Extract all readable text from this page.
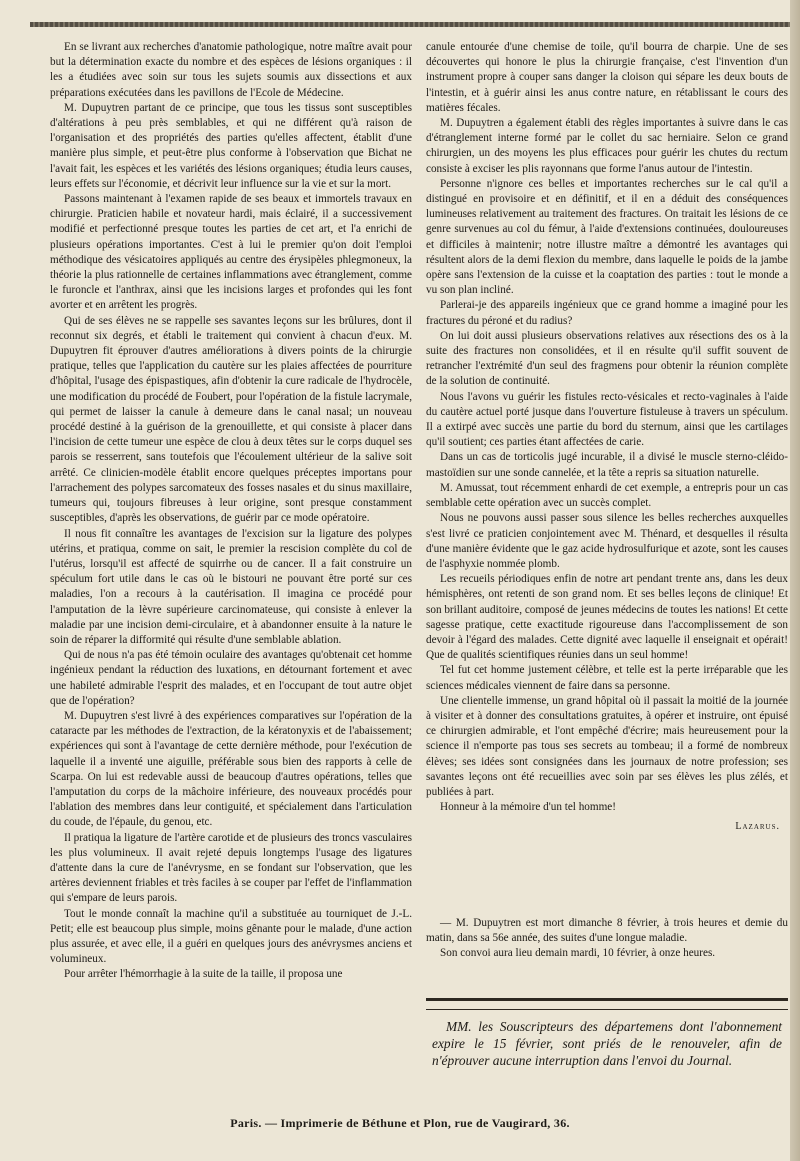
En se livrant aux recherches d'anatomie pathologique, notre maître avait pour but la détermination exacte du nombre et des espèces de lésions organiques : il les a étudiées avec soin sur tous les sujets soumis aux dissections et aux préparations exécutées dans les pavillons de l'Ecole de Médecine.

M. Dupuytren partant de ce principe, que tous les tissus sont susceptibles d'altérations à peu près semblables, et qui ne différent qu'à raison de l'organisation et des propriétés des parties qu'elles affectent, établit d'une manière plus simple, et peut-être plus conforme à l'observation que Bichat ne l'avait fait, les espèces et les variétés des lésions organiques; étudia leurs causes, leurs effets sur l'économie, et décrivit leur influence sur la vie et sur la mort.

Passons maintenant à l'examen rapide de ses beaux et immortels travaux en chirurgie. Praticien habile et novateur hardi, mais éclairé, il a successivement modifié et perfectionné presque toutes les parties de cet art, et l'a enrichi de plusieurs opérations importantes. C'est à lui le premier qu'on doit l'emploi méthodique des vésicatoires appliqués au centre des érysipèles phlegmoneux, la théorie la plus rationnelle de certaines inflammations avec étranglement, comme le furoncle et l'anthrax, ainsi que les incisions larges et profondes qui les font avorter et en arrêtent les progrès.

Qui de ses élèves ne se rappelle ses savantes leçons sur les brûlures, dont il reconnut six degrés, et établi le traitement qui convient à chacun d'eux. M. Dupuytren fit éprouver d'autres améliorations à divers points de la chirurgie pratique, telles que l'application du cautère sur les plaies affectées de pourriture d'hôpital, l'usage des épispastiques, afin d'obtenir la cure radicale de l'hydrocèle, une modification du procédé de Foubert, pour l'opération de la fistule lacrymale, qui permet de laisser la canule à demeure dans le canal nasal; un nouveau procédé destiné à la guérison de la grenouillette, et qui consiste à placer dans l'incision de cette tumeur une espèce de clou à deux têtes sur le corps duquel ses parois se resserrent, sans toutefois que l'écoulement ultérieur de la salive soit arrêté. Ce clinicien-modèle établit encore quelques préceptes importans pour l'arrachement des polypes sarcomateux des fosses nasales et du sinus maxillaire, tumeurs qui, toujours fibreuses à leur origine, sont presque constamment susceptibles, d'après les observations, de guérir par ce mode opératoire.

Il nous fit connaître les avantages de l'excision sur la ligature des polypes utérins, et pratiqua, comme on sait, le premier la rescision complète du col de l'utérus, lorsqu'il est affecté de squirrhe ou de cancer. Il a fait construire un spéculum fort utile dans le cas où le bistouri ne pouvant être porté sur ces maladies, l'on a recours à la cautérisation. Il imagina ce procédé pour l'amputation de la lèvre supérieure carcinomateuse, qui consiste à enlever la maladie par une incision demi-circulaire, et à abandonner ensuite à la nature le soin de réparer la difformité qui résulte d'une semblable ablation.

Qui de nous n'a pas été témoin oculaire des avantages qu'obtenait cet homme ingénieux pendant la réduction des luxations, en détournant fortement et avec une habileté admirable l'esprit des malades, et en l'occupant de tout autre objet que de l'opération?

M. Dupuytren s'est livré à des expériences comparatives sur l'opération de la cataracte par les méthodes de l'extraction, de la kératonyxis et de l'abaissement; expériences qui sont à l'avantage de cette dernière méthode, pour l'exécution de laquelle il a inventé une aiguille, préférable sous bien des rapports à celle de Scarpa. On lui est redevable aussi de beaucoup d'autres opérations, telles que l'amputation du corps de la mâchoire inférieure, des nouveaux procédés pour l'ablation des membres dans leur contiguité, et spécialement dans l'articulation du coude, de l'épaule, du genou, etc.

Il pratiqua la ligature de l'artère carotide et de plusieurs des troncs vasculaires les plus volumineux. Il avait rejeté depuis longtemps l'usage des ligatures d'attente dans la cure de l'anévrysme, en se fondant sur l'observation, que les artères deviennent friables et très faciles à se couper par l'effet de l'inflammation qui s'empare de leurs parois.

Tout le monde connaît la machine qu'il a substituée au tourniquet de J.-L. Petit; elle est beaucoup plus simple, moins gênante pour le malade, d'une action plus assurée, et avec elle, il a guéri en quelques jours des anévrysmes anciens et volumineux.

Pour arrêter l'hémorrhagie à la suite de la taille, il proposa une

canule entourée d'une chemise de toile, qu'il bourra de charpie. Une de ses découvertes qui honore le plus la chirurgie française, c'est l'invention d'un instrument propre à couper sans danger la cloison qui sépare les deux bouts de l'intestin, et à guérir ainsi les anus contre nature, en rétablissant le cours des matières fécales.

M. Dupuytren a également établi des règles importantes à suivre dans le cas d'étranglement interne formé par le collet du sac herniaire. Selon ce grand chirurgien, un des moyens les plus efficaces pour guérir les chutes du rectum consiste à exciser les plis rayonnans que forme l'anus autour de l'intestin.

Personne n'ignore ces belles et importantes recherches sur le cal qu'il a distingué en provisoire et en définitif, et il en a déduit des conséquences lumineuses relativement au traitement des fractures. On traitait les lésions de ce genre survenues au col du fémur, à l'aide d'extensions continuées, douloureuses et difficiles à maintenir; notre illustre maître a démontré les avantages qui résultent alors de la demi flexion du membre, dans laquelle le poids de la jambe opère sans l'extension de la cuisse et la coaptation des parties : tout le monde a vu son plan incliné.

Parlerai-je des appareils ingénieux que ce grand homme a imaginé pour les fractures du péroné et du radius?

On lui doit aussi plusieurs observations relatives aux résections des os à la suite des fractures non consolidées, et il en résulte qu'il suffit souvent de retrancher l'extrémité d'un seul des fragmens pour obtenir la réunion complète de la solution de continuité.

Nous l'avons vu guérir les fistules recto-vésicales et recto-vaginales à l'aide du cautère actuel porté jusque dans l'ouverture fistuleuse à travers un spéculum. Il a extirpé avec succès une partie du bord du sternum, ainsi que les cartilages qu'il soutient; ces parties étant affectées de carie.

Dans un cas de torticolis jugé incurable, il a divisé le muscle sterno-cléido-mastoïdien sur une sonde cannelée, et la tête a repris sa situation naturelle.

M. Amussat, tout récemment enhardi de cet exemple, a entrepris pour un cas semblable cette opération avec un succès complet.

Nous ne pouvons aussi passer sous silence les belles recherches auxquelles s'est livré ce praticien conjointement avec M. Thénard, et desquelles il résulta d'une manière évidente que le gaz acide hydrosulfurique et azote, sont les causes de l'asphyxie nommée plomb.

Les recueils périodiques enfin de notre art pendant trente ans, dans les deux hémisphères, ont retenti de son grand nom. Et ses belles leçons de clinique! Et son brillant auditoire, composé de jeunes médecins de toutes les nations! Et cette sagesse pratique, cette exactitude rigoureuse dans l'accomplissement de son devoir à l'égard des malades. Cette dignité avec laquelle il enseignait et opérait! Que de qualités scientifiques réunies dans un seul homme!

Tel fut cet homme justement célèbre, et telle est la perte irréparable que les sciences médicales viennent de faire dans sa personne.

Une clientelle immense, un grand hôpital où il passait la moitié de la journée à visiter et à donner des consultations gratuites, à opérer et instruire, ont épuisé ce chirurgien admirable, et l'ont empêché d'écrire; mais heureusement pour la science il n'emporte pas tous ses secrets au tombeau; il a formé de nombreux élèves; ses idées sont consignées dans les journaux de notre profession; ses savantes leçons ont été recueillies avec soin par ses élèves les plus zélés, et publiées à part.

Honneur à la mémoire d'un tel homme!

Lazarus.

— M. Dupuytren est mort dimanche 8 février, à trois heures et demie du matin, dans sa 56e année, des suites d'une longue maladie.

Son convoi aura lieu demain mardi, 10 février, à onze heures.

MM. les Souscripteurs des départemens dont l'abonnement expire le 15 février, sont priés de le renouveler, afin de n'éprouver aucune interruption dans l'envoi du Journal.

Paris. — Imprimerie de Béthune et Plon, rue de Vaugirard, 36.
